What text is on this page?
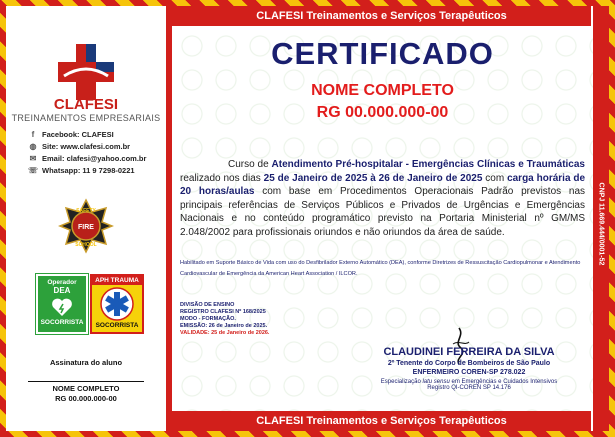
CLAFESI
TREINAMENTOS EMPRESARIAIS
f	Facebook: CLAFESI
◍ Site: www.clafesi.com.br
✉ Email: clafesi@yahoo.com.br
☏ Whatsapp: 11 9 7298-0221
SAFETY
FIRE
SCHOOL
Operador
DEA
SOCORRISTA
APH TRAUMA
SOCORRISTA
Assinatura do aluno
NOME COMPLETO
RG 00.000.000-00
CLAFESI Treinamentos e Serviços Terapêuticos
CERTIFICADO
NOME COMPLETO
RG 00.000.000-00
Curso de Atendimento Pré-hospitalar - Emergências Clínicas e Traumáticas realizado nos dias 25 de Janeiro de 2025 à 26 de Janeiro de 2025 com carga horária de 20 horas/aulas com base em Procedimentos Operacionais Padrão previstos nas principais referências de Serviços Públicos e Privados de Urgências e Emergências Nacionais e no conteúdo programático previsto na Portaria Ministerial nº GM/MS 2.048/2002 para profissionais oriundos e não oriundos da área de saúde.
Habilitado em Suporte Básico de Vida com uso do Desfibrilador Externo Automático (DEA), conforme Diretrizes de Ressuscitação Cardiopulmonar e Atendimento Cardiovascular de Emergência da American Heart Association / ILCOR.
DIVISÃO DE ENSINO
REGISTRO CLAFESI Nº 168/2025
MODO - FORMAÇÃO.
EMISSÃO: 26 de Janeiro de 2025.
VALIDADE: 25 de Janeiro de 2026.
CLAUDINEI FERREIRA DA SILVA
2º Tenente do Corpo de Bombeiros de São Paulo
ENFERMEIRO COREN-SP 278.022
Especialização latu sensu em Emergências e Cuidados Intensivos
Registro QI-COREN SP 14.176
CLAFESI Treinamentos e Serviços Terapêuticos
CNPJ 11.669.444/0001-52
